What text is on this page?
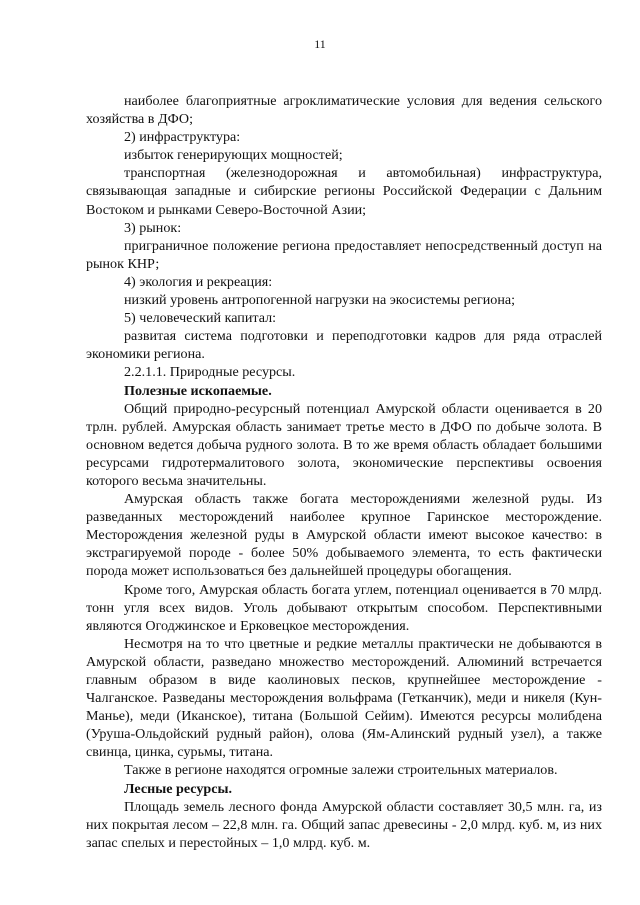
11

наиболее благоприятные агроклиматические условия для ведения сельского хозяйства в ДФО;

2) инфраструктура:

избыток генерирующих мощностей;

транспортная (железнодорожная и автомобильная) инфраструктура, связывающая западные и сибирские регионы Российской Федерации с Дальним Востоком и рынками Северо-Восточной Азии;

3) рынок:

приграничное положение региона предоставляет непосредственный доступ на рынок КНР;

4) экология и рекреация:

низкий уровень антропогенной нагрузки на экосистемы региона;

5) человеческий капитал:

развитая система подготовки и переподготовки кадров для ряда отраслей экономики региона.

2.2.1.1. Природные ресурсы.

Полезные ископаемые.

Общий природно-ресурсный потенциал Амурской области оценивается в 20 трлн. рублей. Амурская область занимает третье место в ДФО по добыче золота. В основном ведется добыча рудного золота. В то же время область обладает большими ресурсами гидротермалитового золота, экономические перспективы освоения которого весьма значительны.

Амурская область также богата месторождениями железной руды. Из разведанных месторождений наиболее крупное Гаринское месторождение. Месторождения железной руды в Амурской области имеют высокое качество: в экстрагируемой породе - более 50% добываемого элемента, то есть фактически порода может использоваться без дальнейшей процедуры обогащения.

Кроме того, Амурская область богата углем, потенциал оценивается в 70 млрд. тонн угля всех видов. Уголь добывают открытым способом. Перспективными являются Огоджинское и Ерковецкое месторождения.

Несмотря на то что цветные и редкие металлы практически не добываются в Амурской области, разведано множество месторождений. Алюминий встречается главным образом в виде каолиновых песков, крупнейшее месторождение - Чалганское. Разведаны месторождения вольфрама (Гетканчик), меди и никеля (Кун-Манье), меди (Иканское), титана (Большой Сейим). Имеются ресурсы молибдена (Уруша-Ольдойский рудный район), олова (Ям-Алинский рудный узел), а также свинца, цинка, сурьмы, титана.

Также в регионе находятся огромные залежи строительных материалов.

Лесные ресурсы.

Площадь земель лесного фонда Амурской области составляет 30,5 млн. га, из них покрытая лесом – 22,8 млн. га. Общий запас древесины - 2,0 млрд. куб. м, из них запас спелых и перестойных – 1,0 млрд. куб. м.
